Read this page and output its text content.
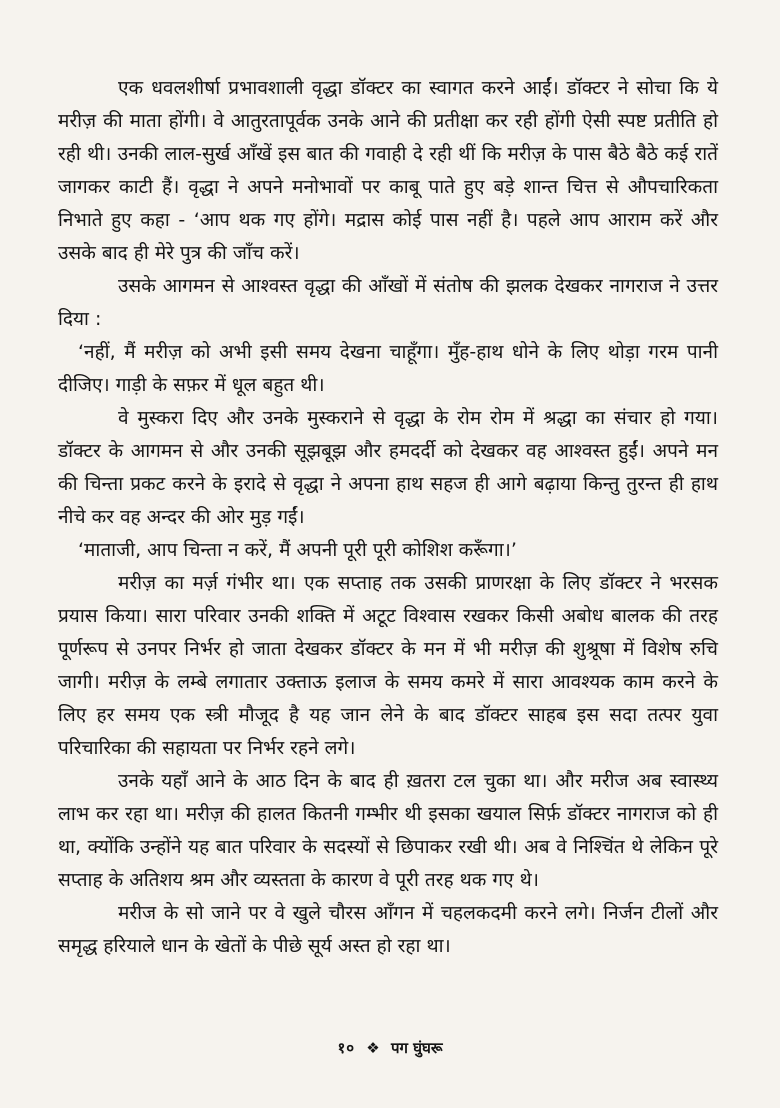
एक धवलशीर्षा प्रभावशाली वृद्धा डॉक्टर का स्वागत करने आईं। डॉक्टर ने सोचा कि ये मरीज़ की माता होंगी। वे आतुरतापूर्वक उनके आने की प्रतीक्षा कर रही होंगी ऐसी स्पष्ट प्रतीति हो रही थी। उनकी लाल-सुर्ख आँखें इस बात की गवाही दे रही थीं कि मरीज़ के पास बैठे बैठे कई रातें जागकर काटी हैं। वृद्धा ने अपने मनोभावों पर काबू पाते हुए बड़े शान्त चित्त से औपचारिकता निभाते हुए कहा - ‘आप थक गए होंगे। मद्रास कोई पास नहीं है। पहले आप आराम करें और उसके बाद ही मेरे पुत्र की जाँच करें।

उसके आगमन से आश्वस्त वृद्धा की आँखों में संतोष की झलक देखकर नागराज ने उत्तर दिया :

‘नहीं, मैं मरीज़ को अभी इसी समय देखना चाहूँगा। मुँह-हाथ धोने के लिए थोड़ा गरम पानी दीजिए। गाड़ी के सफ़र में धूल बहुत थी।

वे मुस्करा दिए और उनके मुस्कराने से वृद्धा के रोम रोम में श्रद्धा का संचार हो गया। डॉक्टर के आगमन से और उनकी सूझबूझ और हमदर्दी को देखकर वह आश्वस्त हुईं। अपने मन की चिन्ता प्रकट करने के इरादे से वृद्धा ने अपना हाथ सहज ही आगे बढ़ाया किन्तु तुरन्त ही हाथ नीचे कर वह अन्दर की ओर मुड़ गईं।

‘माताजी, आप चिन्ता न करें, मैं अपनी पूरी पूरी कोशिश करूँगा।’

मरीज़ का मर्ज़ गंभीर था। एक सप्ताह तक उसकी प्राणरक्षा के लिए डॉक्टर ने भरसक प्रयास किया। सारा परिवार उनकी शक्ति में अटूट विश्वास रखकर किसी अबोध बालक की तरह पूर्णरूप से उनपर निर्भर हो जाता देखकर डॉक्टर के मन में भी मरीज़ की शुश्रूषा में विशेष रुचि जागी। मरीज़ के लम्बे लगातार उक्ताऊ इलाज के समय कमरे में सारा आवश्यक काम करने के लिए हर समय एक स्त्री मौजूद है यह जान लेने के बाद डॉक्टर साहब इस सदा तत्पर युवा परिचारिका की सहायता पर निर्भर रहने लगे।

उनके यहाँ आने के आठ दिन के बाद ही ख़तरा टल चुका था। और मरीज अब स्वास्थ्य लाभ कर रहा था। मरीज़ की हालत कितनी गम्भीर थी इसका खयाल सिर्फ़ डॉक्टर नागराज को ही था, क्योंकि उन्होंने यह बात परिवार के सदस्यों से छिपाकर रखी थी। अब वे निश्चिंत थे लेकिन पूरे सप्ताह के अतिशय श्रम और व्यस्तता के कारण वे पूरी तरह थक गए थे।

मरीज के सो जाने पर वे खुले चौरस आँगन में चहलकदमी करने लगे। निर्जन टीलों और समृद्ध हरियाले धान के खेतों के पीछे सूर्य अस्त हो रहा था।

१० ❖ पग घुंघरू
